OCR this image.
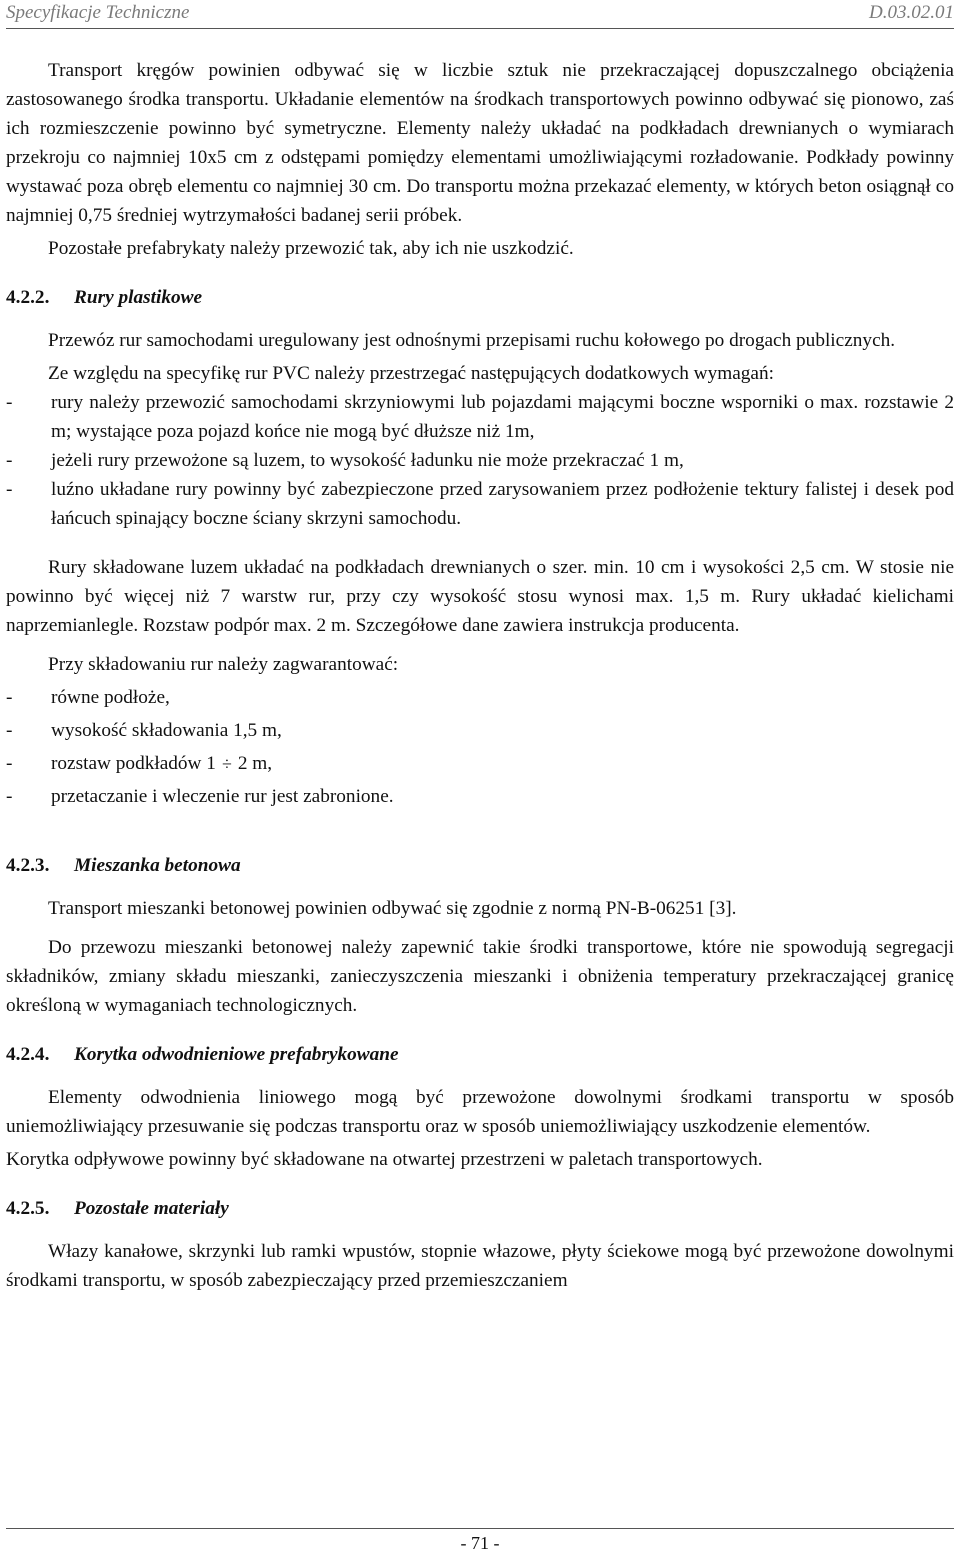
Specyfikacje Techniczne	D.03.02.01

Transport kręgów powinien odbywać się w liczbie sztuk nie przekraczającej dopuszczalnego obciążenia zastosowanego środka transportu. Układanie elementów na środkach transportowych powinno odbywać się pionowo, zaś ich rozmieszczenie powinno być symetryczne. Elementy należy układać na podkładach drewnianych o wymiarach przekroju co najmniej 10x5 cm z odstępami pomiędzy elementami umożliwiającymi rozładowanie. Podkłady powinny wystawać poza obręb elementu co najmniej 30 cm. Do transportu można przekazać elementy, w których beton osiągnął co najmniej 0,75 średniej wytrzymałości badanej serii próbek.

Pozostałe prefabrykaty należy przewozić tak, aby ich nie uszkodzić.

4.2.2. Rury plastikowe

Przewóz rur samochodami uregulowany jest odnośnymi przepisami ruchu kołowego po drogach publicznych.

Ze względu na specyfikę rur PVC należy przestrzegać następujących dodatkowych wymagań:

- rury należy przewozić samochodami skrzyniowymi lub pojazdami mającymi boczne wsporniki o max. rozstawie 2 m; wystające poza pojazd końce nie mogą być dłuższe niż 1m,
- jeżeli rury przewożone są luzem, to wysokość ładunku nie może przekraczać 1 m,
- luźno układane rury powinny być zabezpieczone przed zarysowaniem przez podłożenie tektury falistej i desek pod łańcuch spinający boczne ściany skrzyni samochodu.

Rury składowane luzem układać na podkładach drewnianych o szer. min. 10 cm i wysokości 2,5 cm. W stosie nie powinno być więcej niż 7 warstw rur, przy czy wysokość stosu wynosi max. 1,5 m. Rury układać kielichami naprzemianlegle. Rozstaw podpór max. 2 m. Szczegółowe dane zawiera instrukcja producenta.

Przy składowaniu rur należy zagwarantować:

- równe podłoże,
- wysokość składowania 1,5 m,
- rozstaw podkładów 1 ÷ 2 m,
- przetaczanie i wleczenie rur jest zabronione.
4.2.3. Mieszanka betonowa

Transport mieszanki betonowej powinien odbywać się zgodnie z normą PN-B-06251 [3].

Do przewozu mieszanki betonowej należy zapewnić takie środki transportowe, które nie spowodują segregacji składników, zmiany składu mieszanki, zanieczyszczenia mieszanki i obniżenia temperatury przekraczającej granicę określoną w wymaganiach technologicznych.

4.2.4. Korytka odwodnieniowe prefabrykowane

Elementy odwodnienia liniowego mogą być przewożone dowolnymi środkami transportu w sposób uniemożliwiający przesuwanie się podczas transportu oraz w sposób uniemożliwiający uszkodzenie elementów.

Korytka odpływowe powinny być składowane na otwartej przestrzeni w paletach transportowych.

4.2.5. Pozostałe materiały

Włazy kanałowe, skrzynki lub ramki wpustów, stopnie włazowe, płyty ściekowe mogą być przewożone dowolnymi środkami transportu, w sposób zabezpieczający przed przemieszczaniem

- 71 -
